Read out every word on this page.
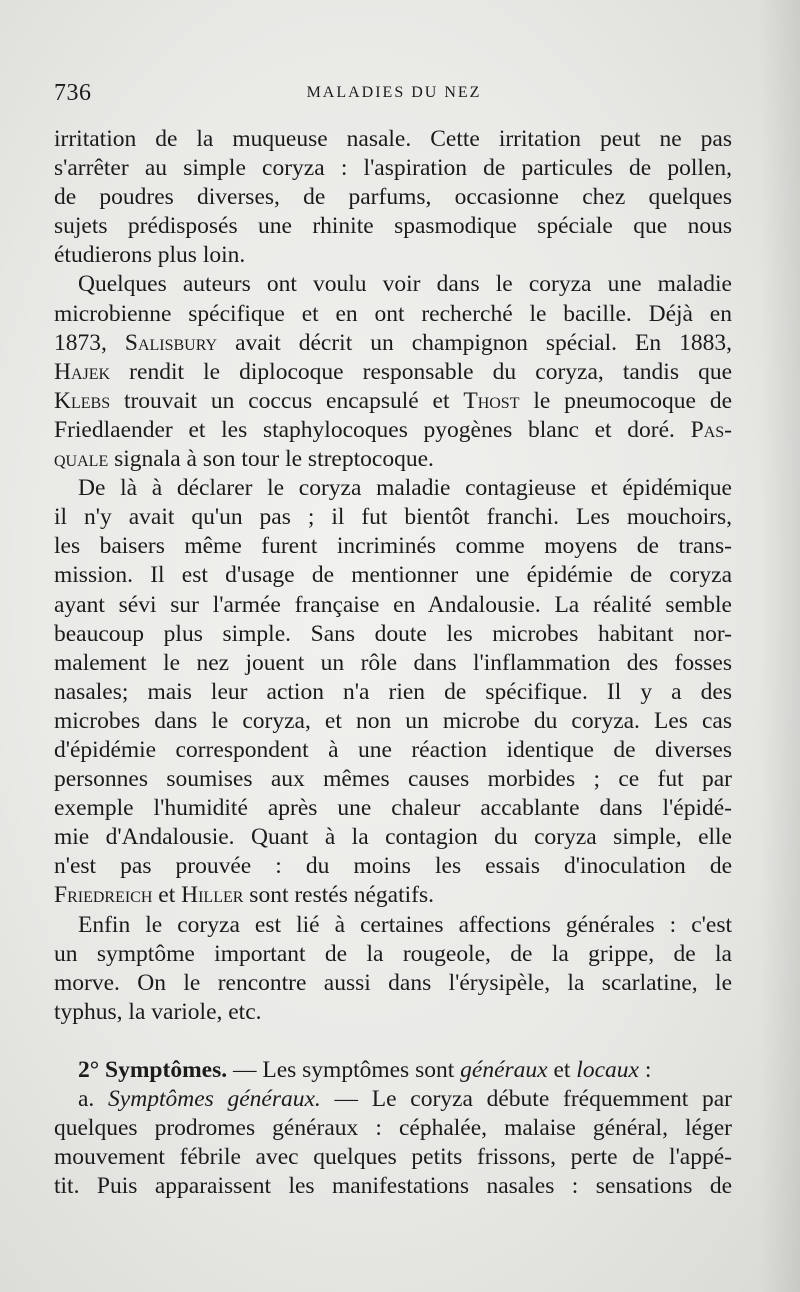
736	MALADIES DU NEZ
irritation de la muqueuse nasale. Cette irritation peut ne pas
s'arrêter au simple coryza : l'aspiration de particules de pollen,
de poudres diverses, de parfums, occasionne chez quelques
sujets prédisposés une rhinite spasmodique spéciale que nous
étudierons plus loin.
Quelques auteurs ont voulu voir dans le coryza une maladie
microbienne spécifique et en ont recherché le bacille. Déjà en
1873, Salisbury avait décrit un champignon spécial. En 1883,
Hajek rendit le diplocoque responsable du coryza, tandis que
Klebs trouvait un coccus encapsulé et Thost le pneumocoque de
Friedlaender et les staphylocoques pyogènes blanc et doré. Pas-
quale signala à son tour le streptocoque.
De là à déclarer le coryza maladie contagieuse et épidémique
il n'y avait qu'un pas ; il fut bientôt franchi. Les mouchoirs,
les baisers même furent incriminés comme moyens de trans-
mission. Il est d'usage de mentionner une épidémie de coryza
ayant sévi sur l'armée française en Andalousie. La réalité semble
beaucoup plus simple. Sans doute les microbes habitant nor-
malement le nez jouent un rôle dans l'inflammation des fosses
nasales; mais leur action n'a rien de spécifique. Il y a des
microbes dans le coryza, et non un microbe du coryza. Les cas
d'épidémie correspondent à une réaction identique de diverses
personnes soumises aux mêmes causes morbides ; ce fut par
exemple l'humidité après une chaleur accablante dans l'épidé-
mie d'Andalousie. Quant à la contagion du coryza simple, elle
n'est pas prouvée : du moins les essais d'inoculation de
Friedreich et Hiller sont restés négatifs.
Enfin le coryza est lié à certaines affections générales : c'est
un symptôme important de la rougeole, de la grippe, de la
morve. On le rencontre aussi dans l'érysipèle, la scarlatine, le
typhus, la variole, etc.
2° Symptômes. — Les symptômes sont généraux et locaux :
a. Symptômes généraux. — Le coryza débute fréquemment par
quelques prodromes généraux : céphalée, malaise général, léger
mouvement fébrile avec quelques petits frissons, perte de l'appé-
tit. Puis apparaissent les manifestations nasales : sensations de
